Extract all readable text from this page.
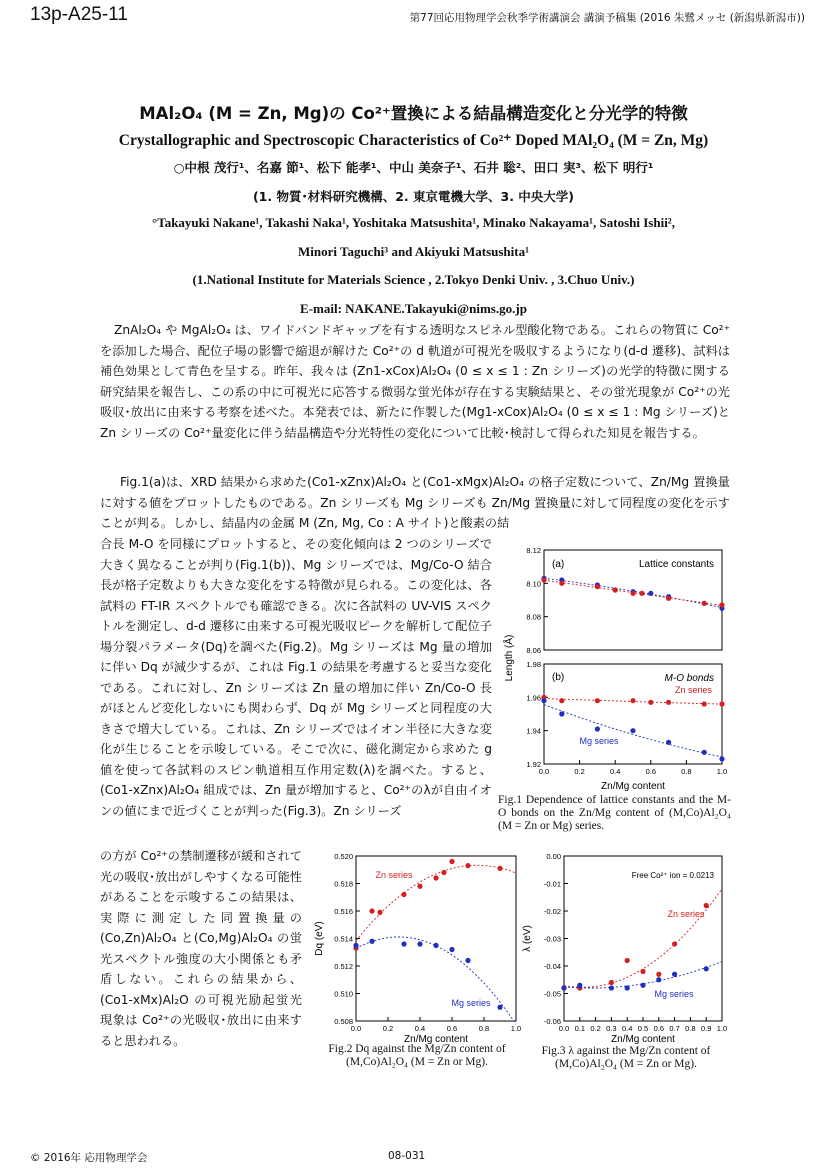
13p-A25-11	第77回応用物理学会秋季学術講演会 講演予稿集 (2016 朱鷺メッセ (新潟県新潟市))
MAl₂O₄ (M = Zn, Mg)の Co²⁺置換による結晶構造変化と分光学的特徴
Crystallographic and Spectroscopic Characteristics of Co²⁺ Doped MAl₂O₄ (M = Zn, Mg)
○中根 茂行¹、名嘉 節¹、松下 能孝¹、中山 美奈子¹、石井 聡²、田口 実³、松下 明行¹
(1. 物質･材料研究機構、2. 東京電機大学、3. 中央大学)
°Takayuki Nakane¹, Takashi Naka¹, Yoshitaka Matsushita¹, Minako Nakayama¹, Satoshi Ishii²,
Minori Taguchi³ and Akiyuki Matsushita¹
(1.National Institute for Materials Science , 2.Tokyo Denki Univ. , 3.Chuo Univ.)
E-mail: NAKANE.Takayuki@nims.go.jp
ZnAl₂O₄ や MgAl₂O₄ は、ワイドバンドギャップを有する透明なスピネル型酸化物である。これらの物質に Co²⁺を添加した場合、配位子場の影響で縮退が解けた Co²⁺の d 軌道が可視光を吸収するようになり(d-d 遷移)、試料は補色効果として青色を呈する。昨年、我々は (Zn1-xCox)Al₂O₄ (0 ≤ x ≤ 1 : Zn シリーズ)の光学的特徴に関する研究結果を報告し、この系の中に可視光に応答する微弱な蛍光体が存在する実験結果と、その蛍光現象が Co²⁺の光吸収･放出に由来する考察を述べた。本発表では、新たに作製した(Mg1-xCox)Al₂O₄ (0 ≤ x ≤ 1 : Mg シリーズ)と Zn シリーズの Co²⁺量変化に伴う結晶構造や分光特性の変化について比較･検討して得られた知見を報告する。
Fig.1(a)は、XRD 結果から求めた(Co1-xZnx)Al₂O₄ と(Co1-xMgx)Al₂O₄ の格子定数について、Zn/Mg 置換量に対する値をプロットしたものである。Zn シリーズも Mg シリーズも Zn/Mg 置換量に対して同程度の変化を示すことが判る。しかし、結晶内の金属 M (Zn, Mg, Co : A サイト)と酸素の結
合長 M-O を同様にプロットすると、その変化傾向は 2 つのシリーズで大きく異なることが判り(Fig.1(b))、Mg シリーズでは、Mg/Co-O 結合長が格子定数よりも大きな変化をする特徴が見られる。この変化は、各試料の FT-IR スペクトルでも確認できる。次に各試料の UV-VIS スペクトルを測定し、d-d 遷移に由来する可視光吸収ピークを解析して配位子場分裂パラメータ(Dq)を調べた(Fig.2)。Mg シリーズは Mg 量の増加に伴い Dq が減少するが、これは Fig.1 の結果を考慮すると妥当な変化である。これに対し、Zn シリーズは Zn 量の増加に伴い Zn/Co-O 長がほとんど変化しないにも関わらず、Dq が Mg シリーズと同程度の大きさで増大している。これは、Zn シリーズではイオン半径に大きな変化が生じることを示唆している。そこで次に、磁化測定から求めた g 値を使って各試料のスピン軌道相互作用定数(λ)を調べた。すると、(Co1-xZnx)Al₂O₄ 組成では、Zn 量が増加すると、Co²⁺のλが自由イオンの値にまで近づくことが判った(Fig.3)。Zn シリーズ
の方が Co²⁺の禁制遷移が緩和されて光の吸収･放出がしやすくなる可能性があることを示唆するこの結果は、実際に測定した同置換量の(Co,Zn)Al₂O₄ と(Co,Mg)Al₂O₄ の蛍光スペクトル強度の大小関係とも矛盾しない。これらの結果から、(Co1-xMx)Al₂O の可視光励起蛍光現象は Co²⁺の光吸収･放出に由来すると思われる。
8.06
8.08
8.10
8.12
(a)	Lattice constants
1.92
1.94
1.96
1.98
0.0	0.2	0.4	0.6	0.8	1.0
(b)	M-O bonds
Zn series
Mg series
Zn/Mg content
Length (Å)
Fig.1 Dependence of lattice constants and the M-O bonds on the Zn/Mg content of (M,Co)Al₂O₄ (M = Zn or Mg) series.
0.508
0.510
0.512
0.514
0.516
0.518
0.520
0.0	0.2	0.4	0.6	0.8	1.0
Zn series
Mg series
Zn/Mg content
Dq (eV)
Fig.2 Dq against the Mg/Zn content of (M,Co)Al₂O₄ (M = Zn or Mg).
0.00
-0.01
-0.02
-0.03
-0.04
-0.05
-0.06
0.0 0.1 0.2 0.3 0.4 0.5 0.6 0.7 0.8 0.9 1.0
Free Co²⁺ ion = 0.0213
Zn series
Mg series
Zn/Mg content
λ (eV)
Fig.3 λ against the Mg/Zn content of (M,Co)Al₂O₄ (M = Zn or Mg).
© 2016年 応用物理学会	08-031
